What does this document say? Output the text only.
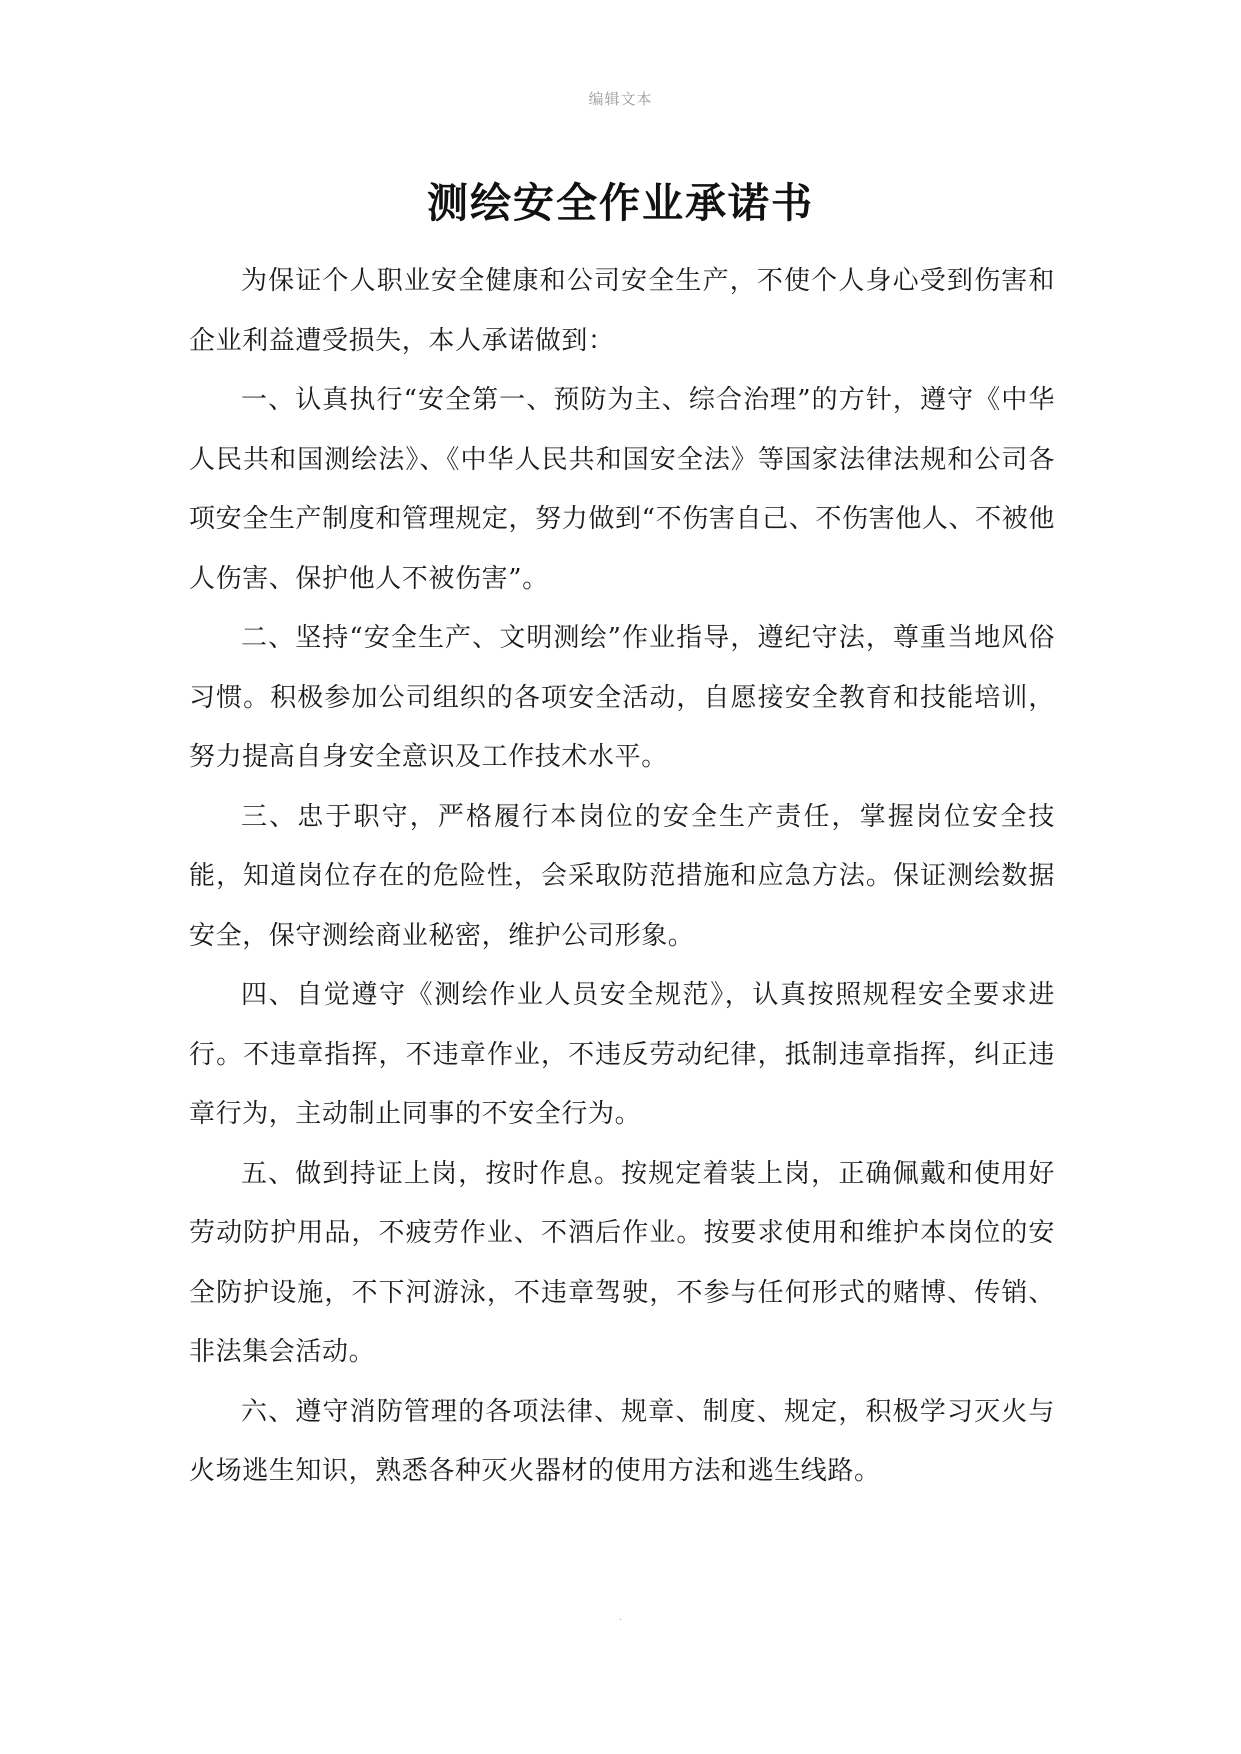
编辑文本
测绘安全作业承诺书

为保证个人职业安全健康和公司安全生产，不使个人身心受到伤害和企业利益遭受损失，本人承诺做到：

一、认真执行“安全第一、预防为主、综合治理”的方针，遵守《中华人民共和国测绘法》、《中华人民共和国安全法》等国家法律法规和公司各项安全生产制度和管理规定，努力做到“不伤害自己、不伤害他人、不被他人伤害、保护他人不被伤害”。

二、坚持“安全生产、文明测绘”作业指导，遵纪守法，尊重当地风俗习惯。积极参加公司组织的各项安全活动，自愿接安全教育和技能培训，努力提高自身安全意识及工作技术水平。

三、忠于职守，严格履行本岗位的安全生产责任，掌握岗位安全技能，知道岗位存在的危险性，会采取防范措施和应急方法。保证测绘数据安全，保守测绘商业秘密，维护公司形象。

四、自觉遵守《测绘作业人员安全规范》，认真按照规程安全要求进行。不违章指挥，不违章作业，不违反劳动纪律，抵制违章指挥，纠正违章行为，主动制止同事的不安全行为。

五、做到持证上岗，按时作息。按规定着装上岗，正确佩戴和使用好劳动防护用品，不疲劳作业、不酒后作业。按要求使用和维护本岗位的安全防护设施，不下河游泳，不违章驾驶，不参与任何形式的赌博、传销、非法集会活动。

六、遵守消防管理的各项法律、规章、制度、规定，积极学习灭火与火场逃生知识，熟悉各种灭火器材的使用方法和逃生线路。

.
